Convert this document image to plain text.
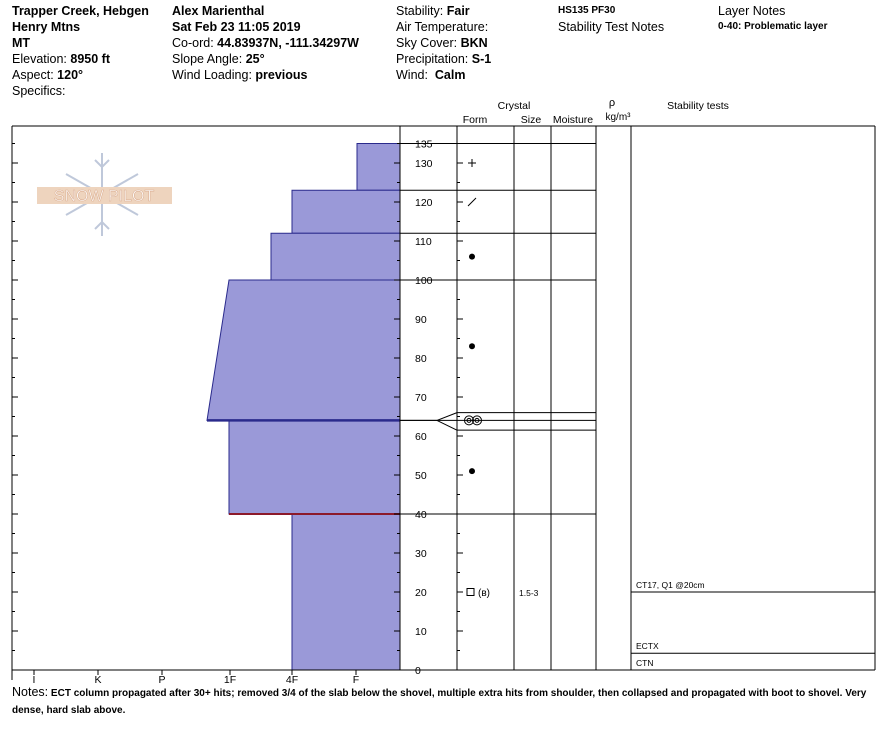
Trapper Creek, Hebgen
Henry Mtns
MT
Elevation: 8950 ft
Aspect: 120°
Specifics:
Alex Marienthal
Sat Feb 23 11:05 2019
Co-ord: 44.83937N, -111.34297W
Slope Angle: 25°
Wind Loading: previous
Stability: Fair
Air Temperature:
Sky Cover: BKN
Precipitation: S-1
Wind: Calm
HS135 PF30
Stability Test Notes
Layer Notes
0-40: Problematic layer
SNOW PILOT
135
130
120
110
100
90
80
70
60
50
40
30
20
10
0
I	K	P	1F	4F	F
(ʙ)	1.5-3
CT17, Q1 @20cm
ECTX
CTN
Crystal
Form	Size Moisture
ρ
kg/m³
Stability tests
Notes: ECT column propagated after 30+ hits; removed 3/4 of the slab below the shovel, multiple extra hits from shoulder, then collapsed and propagated with boot to shovel. Very dense, hard slab above.
